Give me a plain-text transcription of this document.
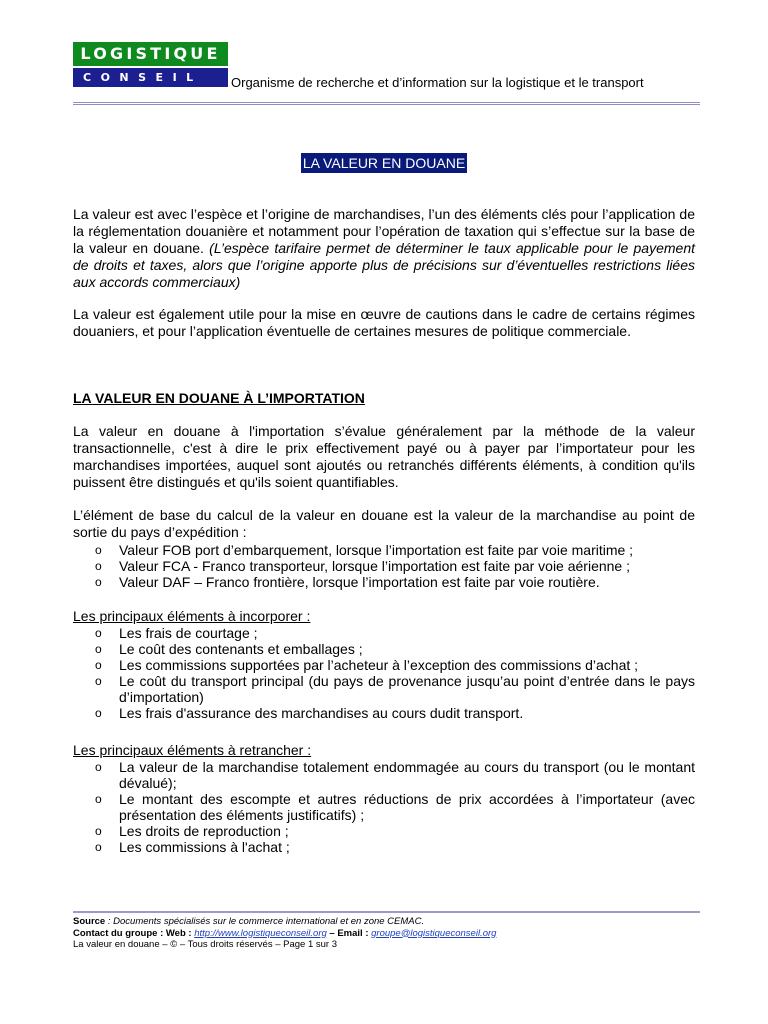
LOGISTIQUE
CONSEIL	Organisme de recherche et d’information sur la logistique et le transport
LA VALEUR EN DOUANE
La valeur est avec l’espèce et l’origine de marchandises, l’un des éléments clés pour l’application de la réglementation douanière et notamment pour l’opération de taxation qui s’effectue sur la base de la valeur en douane. (L’espèce tarifaire permet de déterminer le taux applicable pour le payement de droits et taxes, alors que l’origine apporte plus de précisions sur d’éventuelles restrictions liées aux accords commerciaux)
La valeur est également utile pour la mise en œuvre de cautions dans le cadre de certains régimes douaniers, et pour l’application éventuelle de certaines mesures de politique commerciale.
LA VALEUR EN DOUANE À L’IMPORTATION
La valeur en douane à l'importation s’évalue généralement par la méthode de la valeur transactionnelle, c'est à dire le prix effectivement payé ou à payer par l’importateur pour les marchandises importées, auquel sont ajoutés ou retranchés différents éléments, à condition qu'ils puissent être distingués et qu'ils soient quantifiables.
L’élément de base du calcul de la valeur en douane est la valeur de la marchandise au point de sortie du pays d’expédition :
o Valeur FOB port d’embarquement, lorsque l’importation est faite par voie maritime ;
o Valeur FCA - Franco transporteur, lorsque l’importation est faite par voie aérienne ;
o Valeur DAF – Franco frontière, lorsque l’importation est faite par voie routière.
Les principaux éléments à incorporer :
o Les frais de courtage ;
o Le coût des contenants et emballages ;
o Les commissions supportées par l’acheteur à l’exception des commissions d’achat ;
o Le coût du transport principal (du pays de provenance jusqu’au point d’entrée dans le pays d’importation)
o Les frais d'assurance des marchandises au cours dudit transport.
Les principaux éléments à retrancher :
o La valeur de la marchandise totalement endommagée au cours du transport (ou le montant dévalué);
o Le montant des escompte et autres réductions de prix accordées à l’importateur (avec présentation des éléments justificatifs) ;
o Les droits de reproduction ;
o Les commissions à l'achat ;
Source : Documents spécialisés sur le commerce international et en zone CEMAC.
Contact du groupe : Web : http://www.logistiqueconseil.org – Email : groupe@logistiqueconseil.org
La valeur en douane – © – Tous droits réservés – Page 1 sur 3
